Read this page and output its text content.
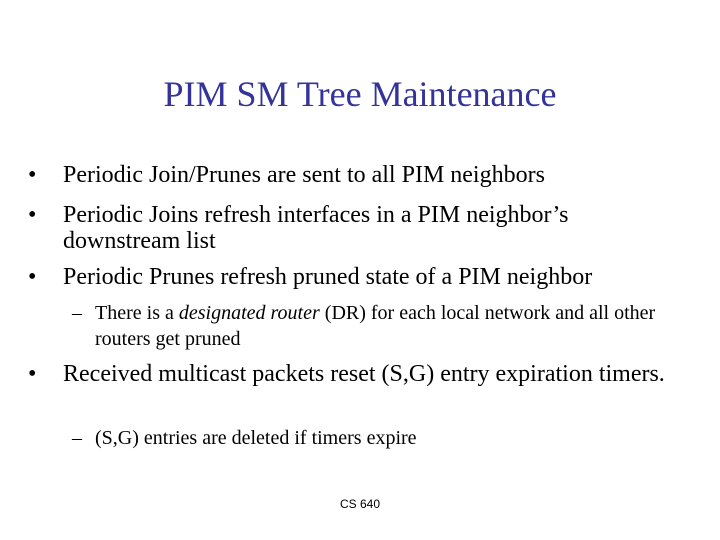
PIM SM Tree Maintenance
•	Periodic Join/Prunes are sent to all PIM neighbors
•	Periodic Joins refresh interfaces in a PIM neighbor’s downstream list
•	Periodic Prunes refresh pruned state of a PIM neighbor
– There is a designated router (DR) for each local network and all other routers get pruned
•	Received multicast packets reset (S,G) entry expiration timers.
– (S,G) entries are deleted if timers expire
CS 640
